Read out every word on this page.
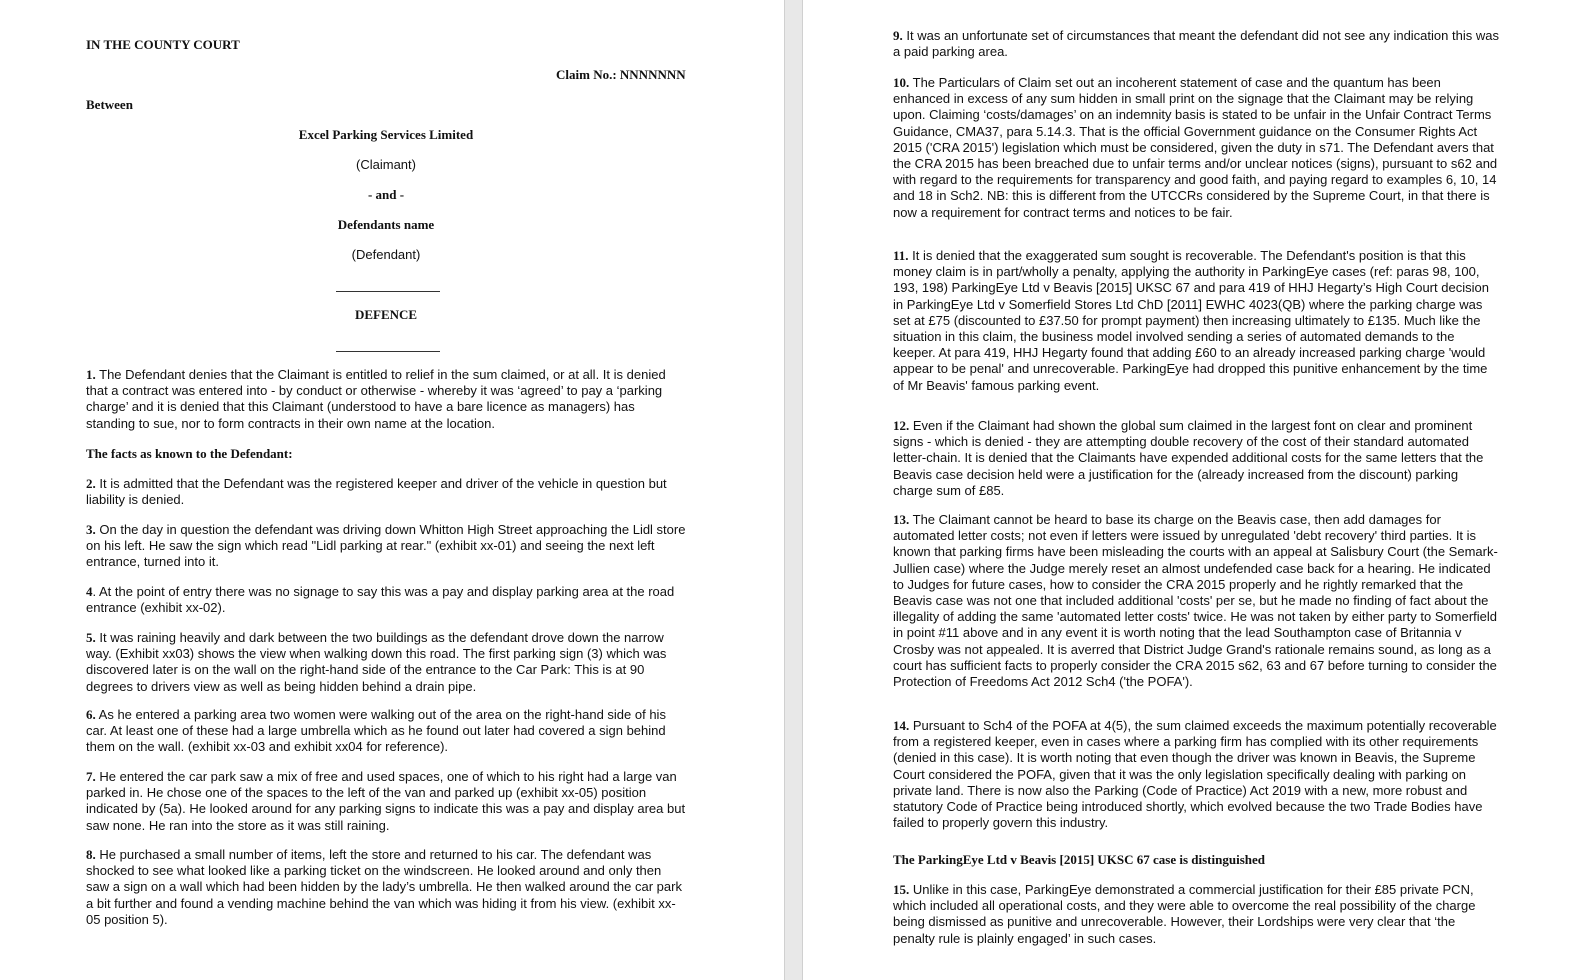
IN THE COUNTY COURT
Claim No.: NNNNNNN
Between
Excel Parking Services Limited
(Claimant)
- and -
Defendants name
(Defendant)
DEFENCE

1. The Defendant denies that the Claimant is entitled to relief in the sum claimed, or at all. It is denied that a contract was entered into - by conduct or otherwise - whereby it was ‘agreed’ to pay a ‘parking charge’ and it is denied that this Claimant (understood to have a bare licence as managers) has standing to sue, nor to form contracts in their own name at the location.

The facts as known to the Defendant:

2. It is admitted that the Defendant was the registered keeper and driver of the vehicle in question but liability is denied.

3. On the day in question the defendant was driving down Whitton High Street approaching the Lidl store on his left. He saw the sign which read "Lidl parking at rear." (exhibit xx-01) and seeing the next left entrance, turned into it.

4. At the point of entry there was no signage to say this was a pay and display parking area at the road entrance (exhibit xx-02).

5. It was raining heavily and dark between the two buildings as the defendant drove down the narrow way. (Exhibit xx03) shows the view when walking down this road. The first parking sign (3) which was discovered later is on the wall on the right-hand side of the entrance to the Car Park: This is at 90 degrees to drivers view as well as being hidden behind a drain pipe.

6. As he entered a parking area two women were walking out of the area on the right-hand side of his car. At least one of these had a large umbrella which as he found out later had covered a sign behind them on the wall. (exhibit xx-03 and exhibit xx04 for reference).

7. He entered the car park saw a mix of free and used spaces, one of which to his right had a large van parked in. He chose one of the spaces to the left of the van and parked up (exhibit xx-05) position indicated by (5a). He looked around for any parking signs to indicate this was a pay and display area but saw none. He ran into the store as it was still raining.

8. He purchased a small number of items, left the store and returned to his car. The defendant was shocked to see what looked like a parking ticket on the windscreen. He looked around and only then saw a sign on a wall which had been hidden by the lady’s umbrella. He then walked around the car park a bit further and found a vending machine behind the van which was hiding it from his view. (exhibit xx-05 position 5).

9. It was an unfortunate set of circumstances that meant the defendant did not see any indication this was a paid parking area.

10. The Particulars of Claim set out an incoherent statement of case and the quantum has been enhanced in excess of any sum hidden in small print on the signage that the Claimant may be relying upon. Claiming ‘costs/damages’ on an indemnity basis is stated to be unfair in the Unfair Contract Terms Guidance, CMA37, para 5.14.3. That is the official Government guidance on the Consumer Rights Act 2015 ('CRA 2015') legislation which must be considered, given the duty in s71. The Defendant avers that the CRA 2015 has been breached due to unfair terms and/or unclear notices (signs), pursuant to s62 and with regard to the requirements for transparency and good faith, and paying regard to examples 6, 10, 14 and 18 in Sch2. NB: this is different from the UTCCRs considered by the Supreme Court, in that there is now a requirement for contract terms and notices to be fair.

11. It is denied that the exaggerated sum sought is recoverable. The Defendant's position is that this money claim is in part/wholly a penalty, applying the authority in ParkingEye cases (ref: paras 98, 100, 193, 198) ParkingEye Ltd v Beavis [2015] UKSC 67 and para 419 of HHJ Hegarty’s High Court decision in ParkingEye Ltd v Somerfield Stores Ltd ChD [2011] EWHC 4023(QB) where the parking charge was set at £75 (discounted to £37.50 for prompt payment) then increasing ultimately to £135. Much like the situation in this claim, the business model involved sending a series of automated demands to the keeper. At para 419, HHJ Hegarty found that adding £60 to an already increased parking charge 'would appear to be penal' and unrecoverable. ParkingEye had dropped this punitive enhancement by the time of Mr Beavis' famous parking event.

12. Even if the Claimant had shown the global sum claimed in the largest font on clear and prominent signs - which is denied - they are attempting double recovery of the cost of their standard automated letter-chain. It is denied that the Claimants have expended additional costs for the same letters that the Beavis case decision held were a justification for the (already increased from the discount) parking charge sum of £85.

13. The Claimant cannot be heard to base its charge on the Beavis case, then add damages for automated letter costs; not even if letters were issued by unregulated 'debt recovery' third parties. It is known that parking firms have been misleading the courts with an appeal at Salisbury Court (the Semark-Jullien case) where the Judge merely reset an almost undefended case back for a hearing. He indicated to Judges for future cases, how to consider the CRA 2015 properly and he rightly remarked that the Beavis case was not one that included additional 'costs' per se, but he made no finding of fact about the illegality of adding the same 'automated letter costs' twice. He was not taken by either party to Somerfield in point #11 above and in any event it is worth noting that the lead Southampton case of Britannia v Crosby was not appealed. It is averred that District Judge Grand's rationale remains sound, as long as a court has sufficient facts to properly consider the CRA 2015 s62, 63 and 67 before turning to consider the Protection of Freedoms Act 2012 Sch4 ('the POFA').

14. Pursuant to Sch4 of the POFA at 4(5), the sum claimed exceeds the maximum potentially recoverable from a registered keeper, even in cases where a parking firm has complied with its other requirements (denied in this case). It is worth noting that even though the driver was known in Beavis, the Supreme Court considered the POFA, given that it was the only legislation specifically dealing with parking on private land. There is now also the Parking (Code of Practice) Act 2019 with a new, more robust and statutory Code of Practice being introduced shortly, which evolved because the two Trade Bodies have failed to properly govern this industry.

The ParkingEye Ltd v Beavis [2015] UKSC 67 case is distinguished

15. Unlike in this case, ParkingEye demonstrated a commercial justification for their £85 private PCN, which included all operational costs, and they were able to overcome the real possibility of the charge being dismissed as punitive and unrecoverable. However, their Lordships were very clear that ‘the penalty rule is plainly engaged’ in such cases.
